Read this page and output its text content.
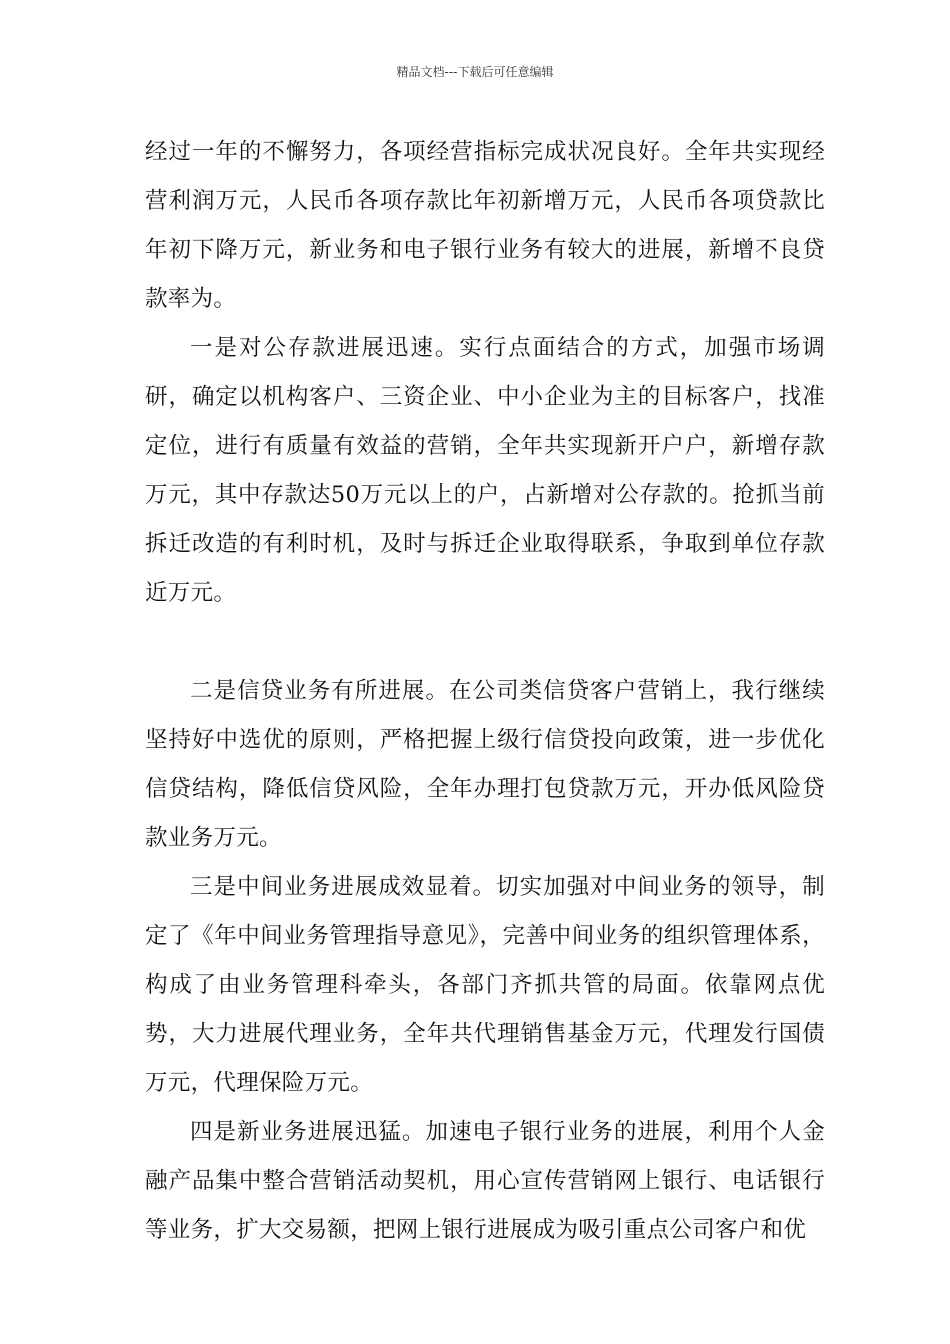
精品文档---下载后可任意编辑

经过一年的不懈努力，各项经营指标完成状况良好。全年共实现经营利润万元，人民币各项存款比年初新增万元，人民币各项贷款比年初下降万元，新业务和电子银行业务有较大的进展，新增不良贷款率为。

一是对公存款进展迅速。实行点面结合的方式，加强市场调研，确定以机构客户、三资企业、中小企业为主的目标客户，找准定位，进行有质量有效益的营销，全年共实现新开户户，新增存款万元，其中存款达50万元以上的户，占新增对公存款的。抢抓当前拆迁改造的有利时机，及时与拆迁企业取得联系，争取到单位存款近万元。

二是信贷业务有所进展。在公司类信贷客户营销上，我行继续坚持好中选优的原则，严格把握上级行信贷投向政策，进一步优化信贷结构，降低信贷风险，全年办理打包贷款万元，开办低风险贷款业务万元。

三是中间业务进展成效显着。切实加强对中间业务的领导，制定了《年中间业务管理指导意见》，完善中间业务的组织管理体系，构成了由业务管理科牵头，各部门齐抓共管的局面。依靠网点优势，大力进展代理业务，全年共代理销售基金万元，代理发行国债万元，代理保险万元。

四是新业务进展迅猛。加速电子银行业务的进展，利用个人金融产品集中整合营销活动契机，用心宣传营销网上银行、电话银行等业务，扩大交易额，把网上银行进展成为吸引重点公司客户和优
